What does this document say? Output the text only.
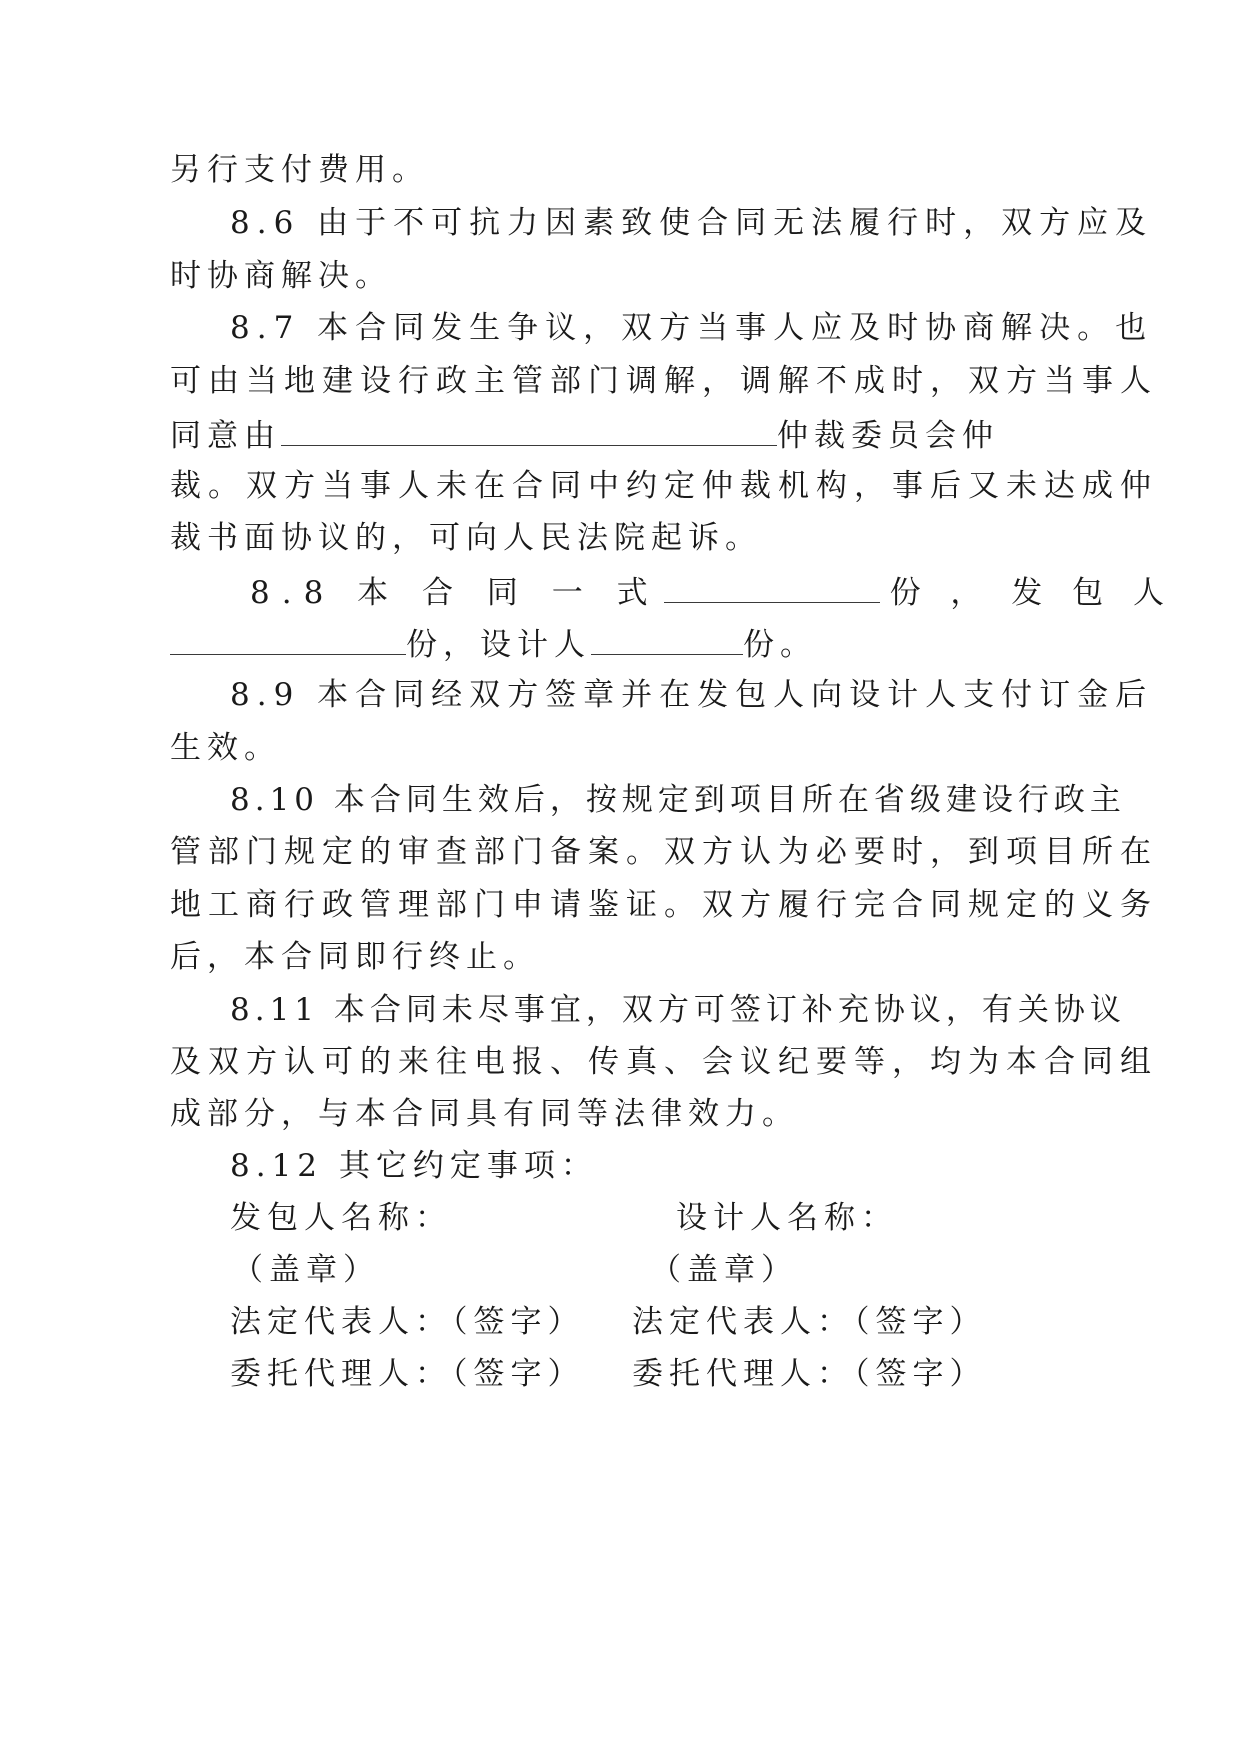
另行支付费用。
8.6 由于不可抗力因素致使合同无法履行时，双方应及
时协商解决。
8.7 本合同发生争议，双方当事人应及时协商解决。也
可由当地建设行政主管部门调解，调解不成时，双方当事人
同意由	仲裁委员会仲
裁。双方当事人未在合同中约定仲裁机构，事后又未达成仲
裁书面协议的，可向人民法院起诉。
8.8 本 合 同 一 式	份 ， 发 包 人
份，设计人	份。
8.9 本合同经双方签章并在发包人向设计人支付订金后
生效。
8.10 本合同生效后，按规定到项目所在省级建设行政主
管部门规定的审查部门备案。双方认为必要时，到项目所在
地工商行政管理部门申请鉴证。双方履行完合同规定的义务
后，本合同即行终止。
8.11 本合同未尽事宜，双方可签订补充协议，有关协议
及双方认可的来往电报、传真、会议纪要等，均为本合同组
成部分，与本合同具有同等法律效力。
8.12 其它约定事项：
发包人名称：	设计人名称：
（盖章）	（盖章）
法定代表人：（签字） 法定代表人：（签字）
委托代理人：（签字） 委托代理人：（签字）
